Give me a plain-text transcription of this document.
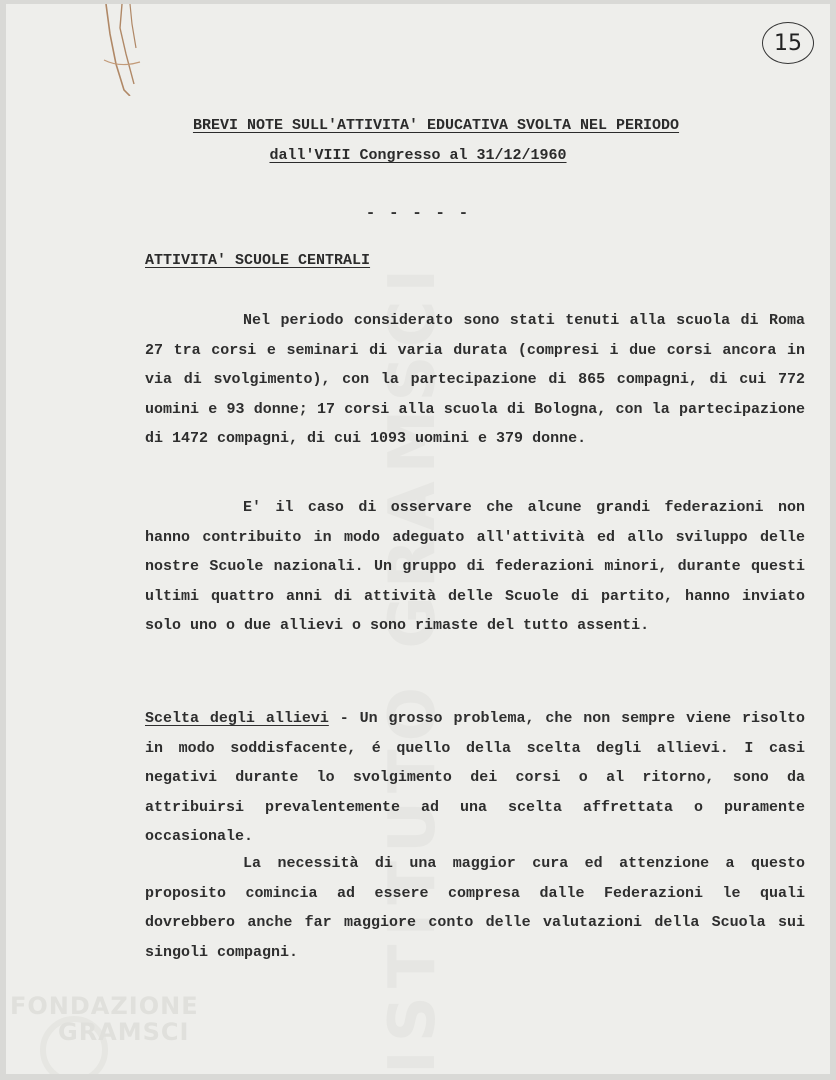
ISTITUTO GRAMSCI
15
BREVI NOTE SULL'ATTIVITA' EDUCATIVA SVOLTA NEL PERIODO
dall'VIII Congresso al 31/12/1960
- - - - -
ATTIVITA' SCUOLE CENTRALI
Nel periodo considerato sono stati tenuti alla scuola di Roma 27 tra corsi e seminari di varia durata (compresi i due corsi ancora in via di svolgimento), con la partecipazione di 865 compagni, di cui 772 uomini e 93 donne; 17 corsi alla scuola di Bologna, con la partecipazione di 1472 compagni, di cui 1093 uomini e 379 donne.
E' il caso di osservare che alcune grandi federazioni non hanno contribuito in modo adeguato all'attività ed allo sviluppo delle nostre Scuole nazionali. Un gruppo di federazioni minori, durante questi ultimi quattro anni di attività delle Scuole di partito, hanno inviato solo uno o due allievi o sono rimaste del tutto assenti.
Scelta degli allievi - Un grosso problema, che non sempre viene risolto in modo soddisfacente, é quello della scelta degli allievi. I casi negativi durante lo svolgimento dei corsi o al ritorno, sono da attribuirsi prevalentemente ad una scelta affrettata o puramente occasionale.
La necessità di una maggior cura ed attenzione a questo proposito comincia ad essere compresa dalle Federazioni le quali dovrebbero anche far maggiore conto delle valutazioni della Scuola sui singoli compagni.
FONDAZIONE
GRAMSCI
